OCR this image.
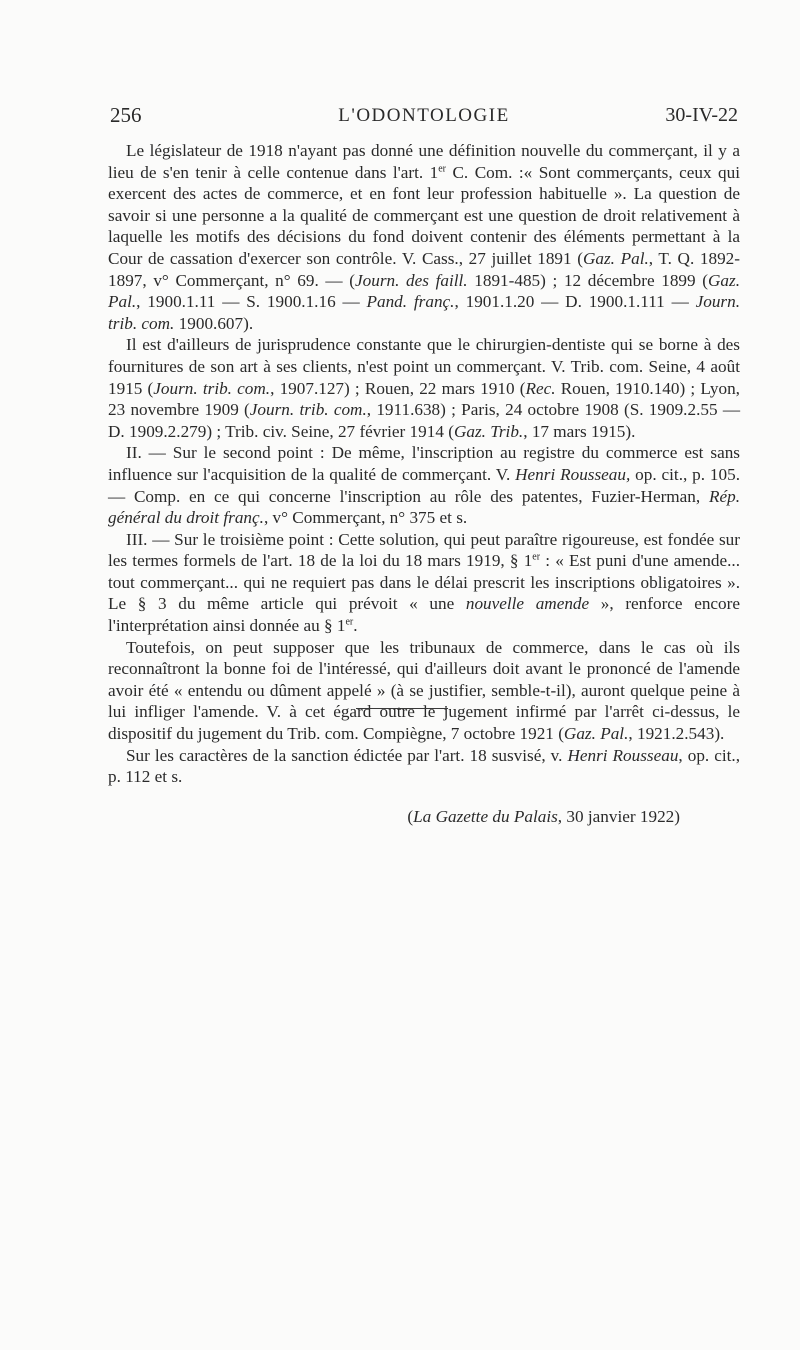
256	L'ODONTOLOGIE	30-IV-22

Le législateur de 1918 n'ayant pas donné une définition nouvelle du commerçant, il y a lieu de s'en tenir à celle contenue dans l'art. 1er C. Com. :« Sont commerçants, ceux qui exercent des actes de commerce, et en font leur profession habituelle ». La question de savoir si une personne a la qualité de commerçant est une question de droit relativement à laquelle les motifs des décisions du fond doivent contenir des éléments permettant à la Cour de cassation d'exercer son contrôle. V. Cass., 27 juillet 1891 (Gaz. Pal., T. Q. 1892-1897, v° Commerçant, n° 69. — (Journ. des faill. 1891-485) ; 12 décembre 1899 (Gaz. Pal., 1900.1.11 — S. 1900.1.16 — Pand. franç., 1901.1.20 — D. 1900.1.111 — Journ. trib. com. 1900.607).

Il est d'ailleurs de jurisprudence constante que le chirurgien-dentiste qui se borne à des fournitures de son art à ses clients, n'est point un commerçant. V. Trib. com. Seine, 4 août 1915 (Journ. trib. com., 1907.127) ; Rouen, 22 mars 1910 (Rec. Rouen, 1910.140) ; Lyon, 23 novembre 1909 (Journ. trib. com., 1911.638) ; Paris, 24 octobre 1908 (S. 1909.2.55 — D. 1909.2.279) ; Trib. civ. Seine, 27 février 1914 (Gaz. Trib., 17 mars 1915).

II. — Sur le second point : De même, l'inscription au registre du commerce est sans influence sur l'acquisition de la qualité de commerçant. V. Henri Rousseau, op. cit., p. 105. — Comp. en ce qui concerne l'inscription au rôle des patentes, Fuzier-Herman, Rép. général du droit franç., v° Commerçant, n° 375 et s.

III. — Sur le troisième point : Cette solution, qui peut paraître rigoureuse, est fondée sur les termes formels de l'art. 18 de la loi du 18 mars 1919, § 1er : « Est puni d'une amende... tout commerçant... qui ne requiert pas dans le délai prescrit les inscriptions obligatoires ». Le § 3 du même article qui prévoit « une nouvelle amende », renforce encore l'interprétation ainsi donnée au § 1er.

Toutefois, on peut supposer que les tribunaux de commerce, dans le cas où ils reconnaîtront la bonne foi de l'intéressé, qui d'ailleurs doit avant le prononcé de l'amende avoir été « entendu ou dûment appelé » (à se justifier, semble-t-il), auront quelque peine à lui infliger l'amende. V. à cet égard outre le jugement infirmé par l'arrêt ci-dessus, le dispositif du jugement du Trib. com. Compiègne, 7 octobre 1921 (Gaz. Pal., 1921.2.543).

Sur les caractères de la sanction édictée par l'art. 18 susvisé, v. Henri Rousseau, op. cit., p. 112 et s.

(La Gazette du Palais, 30 janvier 1922)
